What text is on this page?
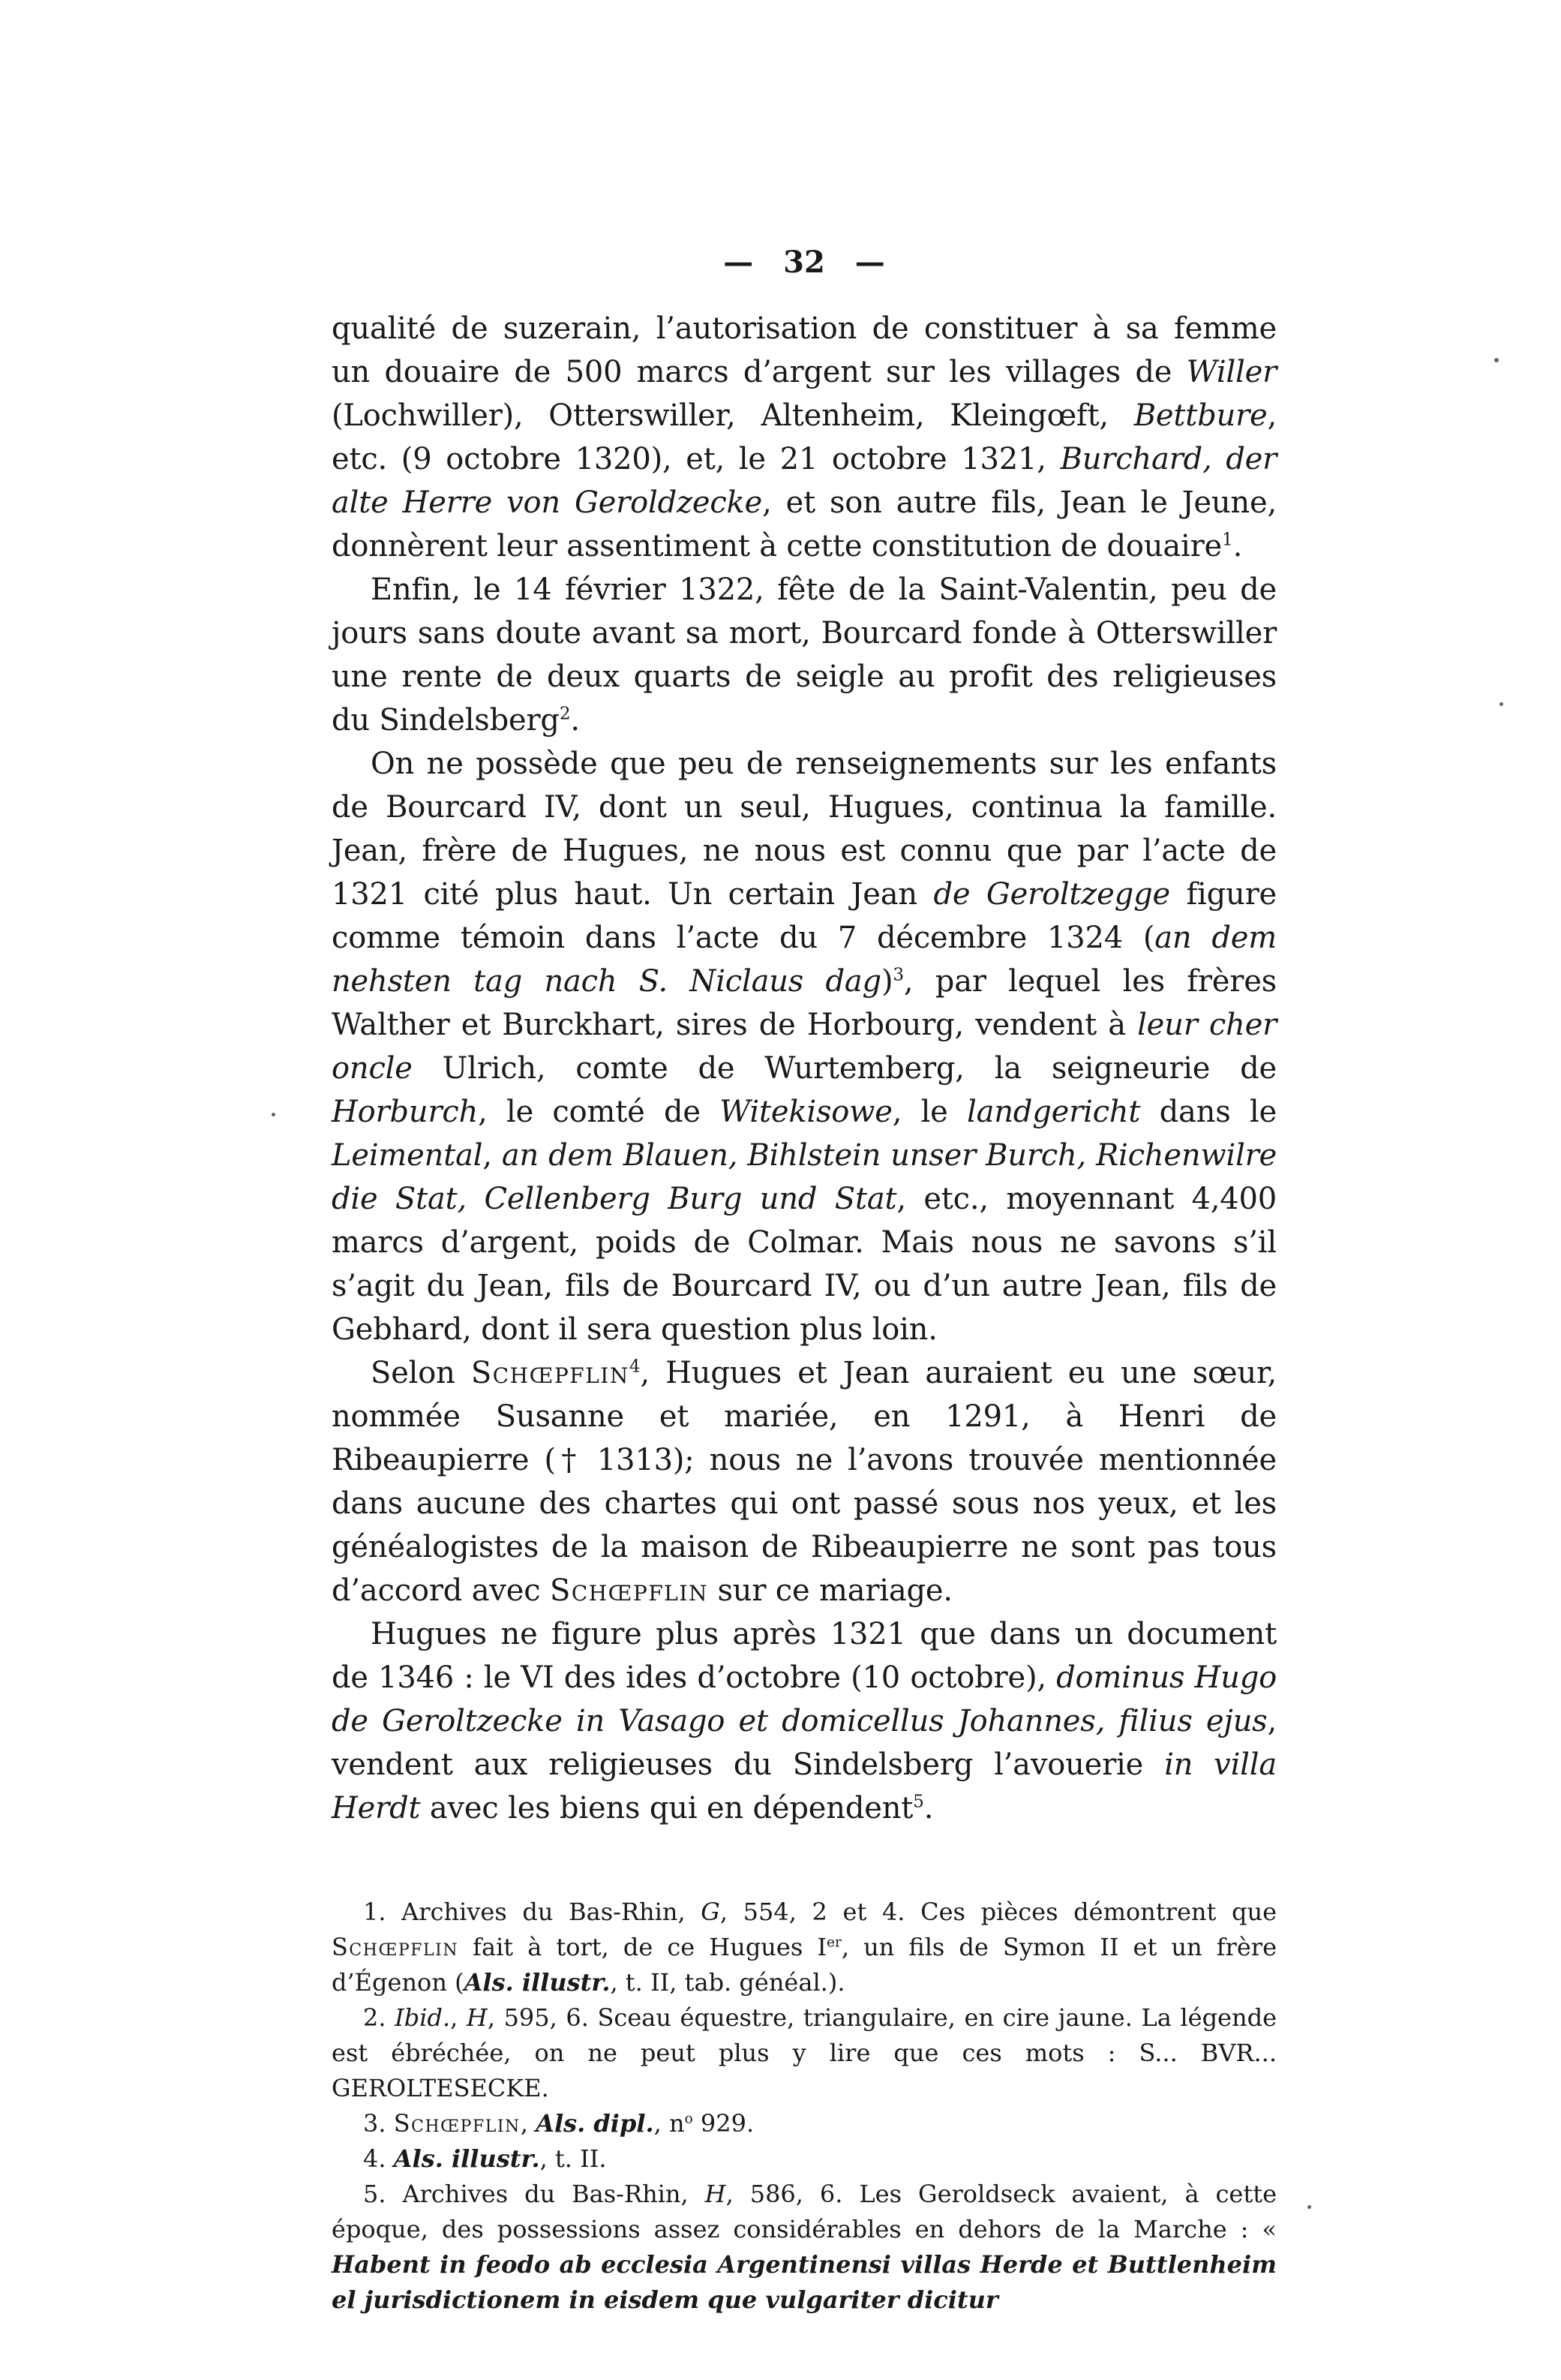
— 32 —

qualité de suzerain, l’autorisation de constituer à sa femme un douaire de 500 marcs d’argent sur les villages de Willer (Lochwiller), Otterswiller, Altenheim, Kleingœft, Bettbure, etc. (9 octobre 1320), et, le 21 octobre 1321, Burchard, der alte Herre von Geroldzecke, et son autre fils, Jean le Jeune, donnèrent leur assentiment à cette constitution de douaire$^1$.

Enfin, le 14 février 1322, fête de la Saint-Valentin, peu de jours sans doute avant sa mort, Bourcard fonde à Otterswiller une rente de deux quarts de seigle au profit des religieuses du Sindelsberg$^2$.

On ne possède que peu de renseignements sur les enfants de Bourcard IV, dont un seul, Hugues, continua la famille. Jean, frère de Hugues, ne nous est connu que par l’acte de 1321 cité plus haut. Un certain Jean de Geroltzegge figure comme témoin dans l’acte du 7 décembre 1324 (an dem nehsten tag nach S. Niclaus dag)$^3$, par lequel les frères Walther et Burckhart, sires de Horbourg, vendent à leur cher oncle Ulrich, comte de Wurtemberg, la seigneurie de Horburch, le comté de Witekisowe, le landgericht dans le Leimental, an dem Blauen, Bihlstein unser Burch, Richenwilre die Stat, Cellenberg Burg und Stat, etc., moyennant 4,400 marcs d’argent, poids de Colmar. Mais nous ne savons s’il s’agit du Jean, fils de Bourcard IV, ou d’un autre Jean, fils de Gebhard, dont il sera question plus loin.

Selon Schœpflin$^4$, Hugues et Jean auraient eu une sœur, nommée Susanne et mariée, en 1291, à Henri de Ribeaupierre († 1313); nous ne l’avons trouvée mentionnée dans aucune des chartes qui ont passé sous nos yeux, et les généalogistes de la maison de Ribeaupierre ne sont pas tous d’accord avec Schœpflin sur ce mariage.

Hugues ne figure plus après 1321 que dans un document de 1346 : le VI des ides d’octobre (10 octobre), dominus Hugo de Geroltzecke in Vasago et domicellus Johannes, filius ejus, vendent aux religieuses du Sindelsberg l’avouerie in villa Herdt avec les biens qui en dépendent$^5$.

1. Archives du Bas-Rhin, G, 554, 2 et 4. Ces pièces démontrent que Schœpflin fait à tort, de ce Hugues Ier, un fils de Symon II et un frère d’Égenon (Als. illustr., t. II, tab. généal.).

2. Ibid., H, 595, 6. Sceau équestre, triangulaire, en cire jaune. La légende est ébréchée, on ne peut plus y lire que ces mots : S... BVR... GEROLTESECKE.

3. Schœpflin, Als. dipl., $n^o$ 929.

4. Als. illustr., t. II.

5. Archives du Bas-Rhin, H, 586, 6. Les Geroldseck avaient, à cette époque, des possessions assez considérables en dehors de la Marche : « Habent in feodo ab ecclesia Argentinensi villas Herde et Buttlenheim el jurisdictionem in eisdem que vulgariter dicitur
